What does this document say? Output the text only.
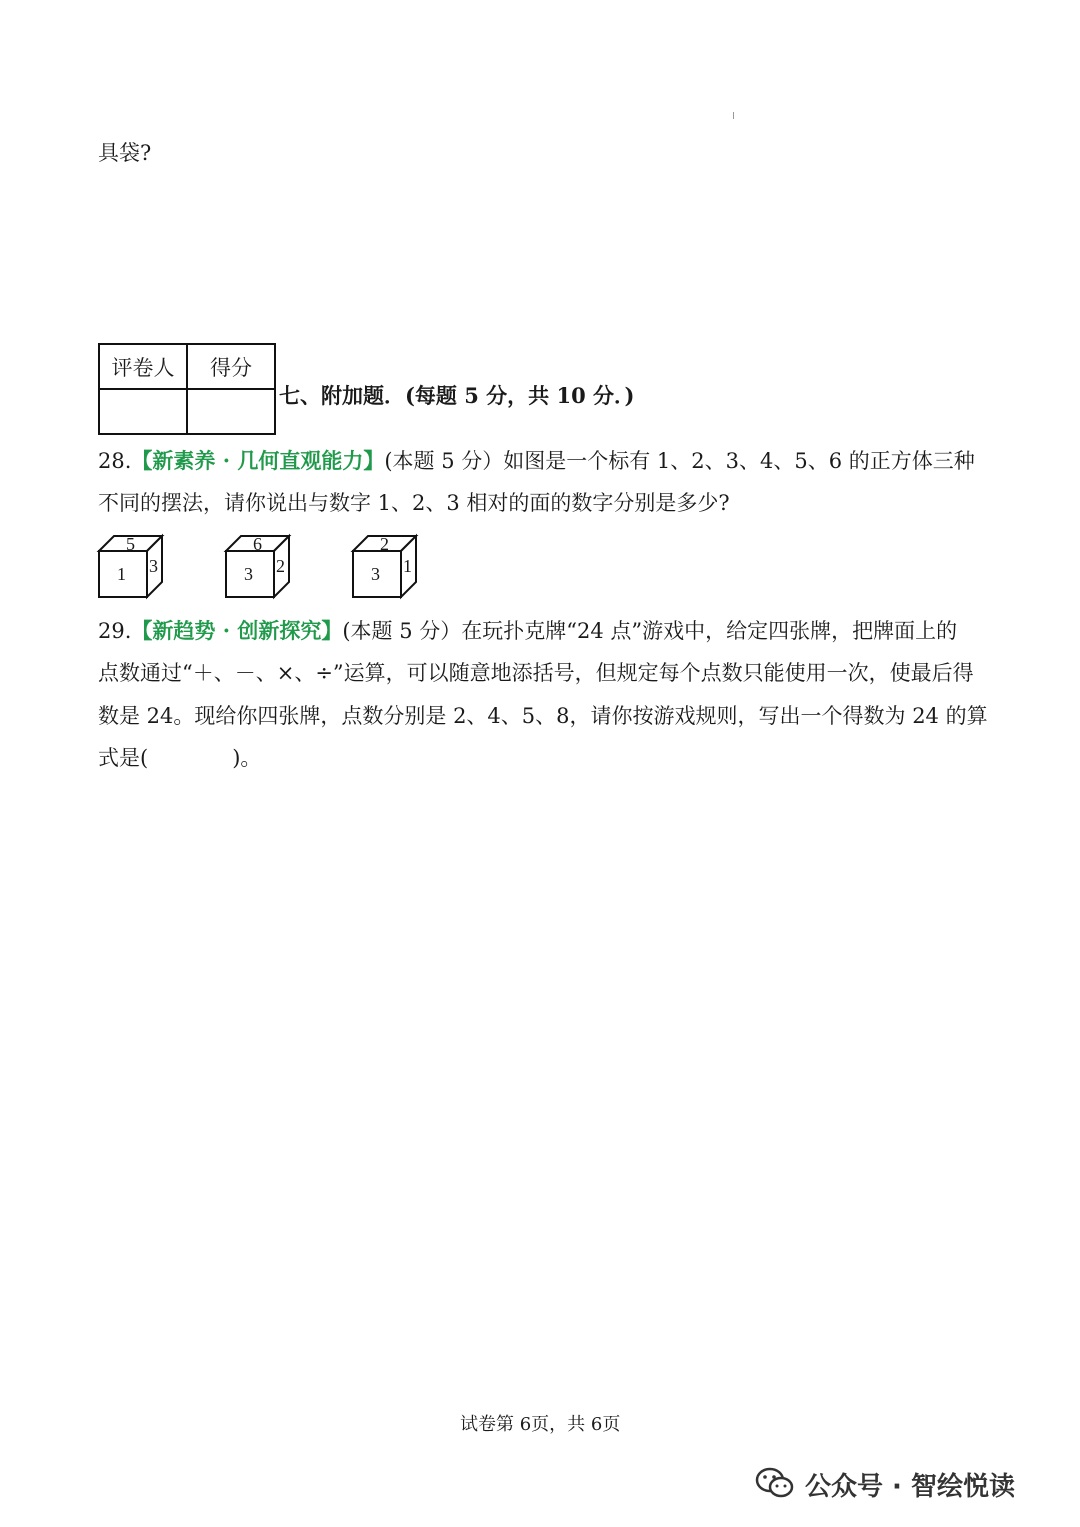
具袋?
评卷人	得分

七、附加题．(每题 5 分，共 10 分．)
28.【新素养 · 几何直观能力】(本题 5 分）如图是一个标有 1、2、3、4、5、6 的正方体三种
不同的摆法，请你说出与数字 1、2、3 相对的面的数字分别是多少?
5
1 3
6
3 2
2
3 1
29.【新趋势 · 创新探究】(本题 5 分）在玩扑克牌“24 点”游戏中，给定四张牌，把牌面上的
点数通过“＋、－、×、÷”运算，可以随意地添括号，但规定每个点数只能使用一次，使最后得
数是 24。现给你四张牌，点数分别是 2、4、5、8，请你按游戏规则，写出一个得数为 24 的算
式是(　　　　)。
试卷第 6页，共 6页
公众号 · 智绘悦读
